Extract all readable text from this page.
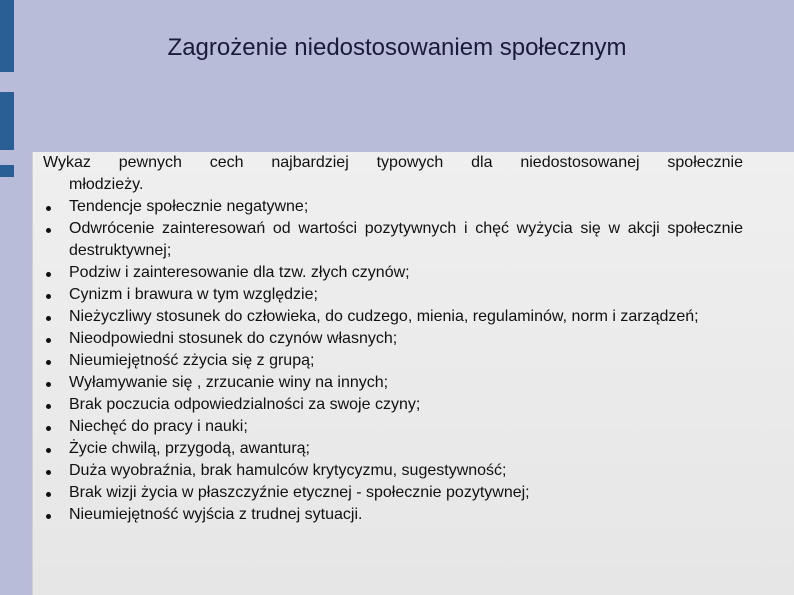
Zagrożenie niedostosowaniem społecznym
Wykaz pewnych cech najbardziej typowych dla niedostosowanej społecznie
młodzieży.
Tendencje społecznie negatywne;
Odwrócenie zainteresowań od wartości pozytywnych i chęć wyżycia się w akcji społecznie destruktywnej;
Podziw i zainteresowanie dla tzw. złych czynów;
Cynizm i brawura w tym względzie;
Nieżyczliwy stosunek do człowieka, do cudzego, mienia, regulaminów, norm i zarządzeń;
Nieodpowiedni stosunek do czynów własnych;
Nieumiejętność zżycia się z grupą;
Wyłamywanie się , zrzucanie winy na innych;
Brak poczucia odpowiedzialności za swoje czyny;
Niechęć do pracy i nauki;
Życie chwilą, przygodą, awanturą;
Duża wyobraźnia, brak hamulców krytycyzmu, sugestywność;
Brak wizji życia w płaszczyźnie etycznej - społecznie pozytywnej;
Nieumiejętność wyjścia z trudnej sytuacji.
